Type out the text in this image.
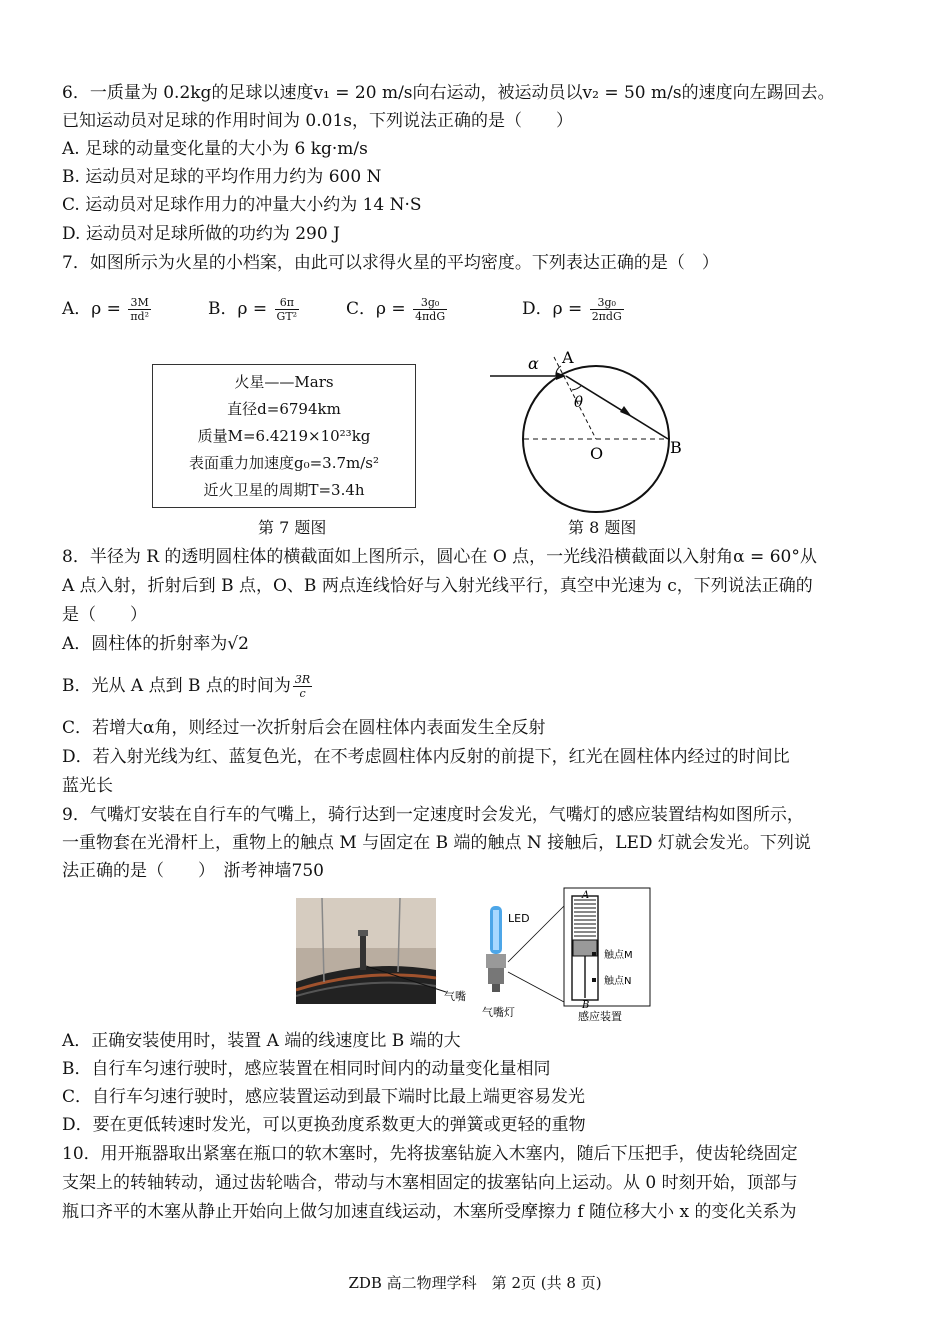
6．一质量为 0.2kg的足球以速度v₁ = 20 m/s向右运动，被运动员以v₂ = 50 m/s的速度向左踢回去。
已知运动员对足球的作用时间为 0.01s，下列说法正确的是（　　）
A. 足球的动量变化量的大小为 6 kg·m/s
B. 运动员对足球的平均作用力约为 600 N
C. 运动员对足球作用力的冲量大小约为 14 N·S
D. 运动员对足球所做的功约为 290 J
7．如图所示为火星的小档案，由此可以求得火星的平均密度。下列表达正确的是（　）
A．$\rho = \frac{3M}{\text{πd²}}$	B．$\rho = \frac{6\pi}{\text{GT²}}$	C．$\rho = \frac{\text{3g₀}}{\text{4πdG}}$	D．$\rho = \frac{\text{3g₀}}{\text{2πdG}}$
火星——Mars
直径d=6794km
质量M=6.4219×10²³kg
表面重力加速度g₀=3.7m/s²
近火卫星的周期T=3.4h
第 7 题图
α A
θ
B
O
第 8 题图
8．半径为 R 的透明圆柱体的横截面如上图所示，圆心在 O 点，一光线沿横截面以入射角α = 60°从
A 点入射，折射后到 B 点，O、B 两点连线恰好与入射光线平行，真空中光速为 c，下列说法正确的
是（　　）
A．圆柱体的折射率为√2
B．光从 A 点到 B 点的时间为 $\frac{3R}{c}$
C．若增大α角，则经过一次折射后会在圆柱体内表面发生全反射
D．若入射光线为红、蓝复色光，在不考虑圆柱体内反射的前提下，红光在圆柱体内经过的时间比
蓝光长
9．气嘴灯安装在自行车的气嘴上，骑行达到一定速度时会发光，气嘴灯的感应装置结构如图所示，
一重物套在光滑杆上，重物上的触点 M 与固定在 B 端的触点 N 接触后，LED 灯就会发光。下列说
法正确的是（　　）　浙考神墙750
气嘴
LED
气嘴灯
A
B
触点M
触点N
感应装置
A．正确安装使用时，装置 A 端的线速度比 B 端的大
B．自行车匀速行驶时，感应装置在相同时间内的动量变化量相同
C．自行车匀速行驶时，感应装置运动到最下端时比最上端更容易发光
D．要在更低转速时发光，可以更换劲度系数更大的弹簧或更轻的重物
10．用开瓶器取出紧塞在瓶口的软木塞时，先将拔塞钻旋入木塞内，随后下压把手，使齿轮绕固定
支架上的转轴转动，通过齿轮啮合，带动与木塞相固定的拔塞钻向上运动。从 0 时刻开始，顶部与
瓶口齐平的木塞从静止开始向上做匀加速直线运动，木塞所受摩擦力 f 随位移大小 x 的变化关系为
ZDB 高二物理学科　第 2页 (共 8 页)
